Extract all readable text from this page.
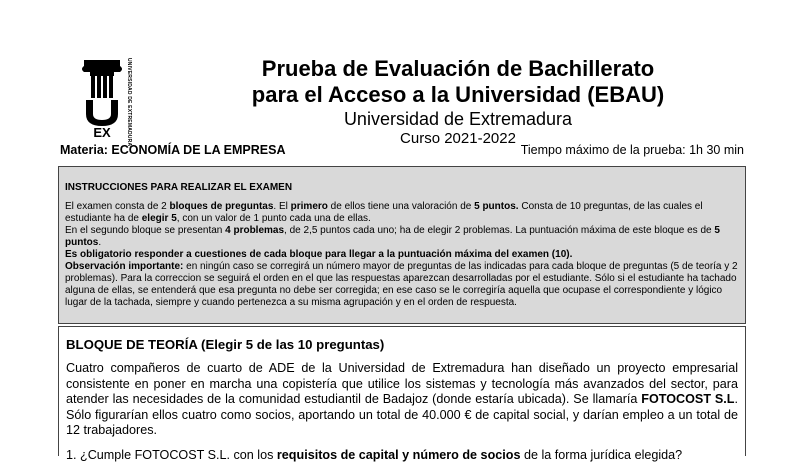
EX	UNIVERSIDAD DE EXTREMADURA	Prueba de Evaluación de Bachillerato
para el Acceso a la Universidad (EBAU)
Universidad de Extremadura
Curso 2021-2022
Materia: ECONOMÍA DE LA EMPRESA	Tiempo máximo de la prueba: 1h 30 min
INSTRUCCIONES PARA REALIZAR EL EXAMEN

El examen consta de 2 bloques de preguntas. El primero de ellos tiene una valoración de 5 puntos. Consta de 10 preguntas, de las cuales el estudiante ha de elegir 5, con un valor de 1 punto cada una de ellas.

En el segundo bloque se presentan 4 problemas, de 2,5 puntos cada uno; ha de elegir 2 problemas. La puntuación máxima de este bloque es de 5 puntos.

Es obligatorio responder a cuestiones de cada bloque para llegar a la puntuación máxima del examen (10).

Observación importante: en ningún caso se corregirá un número mayor de preguntas de las indicadas para cada bloque de preguntas (5 de teoría y 2 problemas). Para la correccion se seguirá el orden en el que las respuestas aparezcan desarrolladas por el estudiante. Sólo si el estudiante ha tachado alguna de ellas, se entenderá que esa pregunta no debe ser corregida; en ese caso se le corregiría aquella que ocupase el correspondiente y lógico lugar de la tachada, siempre y cuando pertenezca a su misma agrupación y en el orden de respuesta.

BLOQUE DE TEORÍA (Elegir 5 de las 10 preguntas)

Cuatro compañeros de cuarto de ADE de la Universidad de Extremadura han diseñado un proyecto empresarial consistente en poner en marcha una copistería que utilice los sistemas y tecnología más avanzados del sector, para atender las necesidades de la comunidad estudiantil de Badajoz (donde estaría ubicada). Se llamaría FOTOCOST S.L. Sólo figurarían ellos cuatro como socios, aportando un total de 40.000 € de capital social, y darían empleo a un total de 12 trabajadores.

1. ¿Cumple FOTOCOST S.L. con los requisitos de capital y número de socios de la forma jurídica elegida?
